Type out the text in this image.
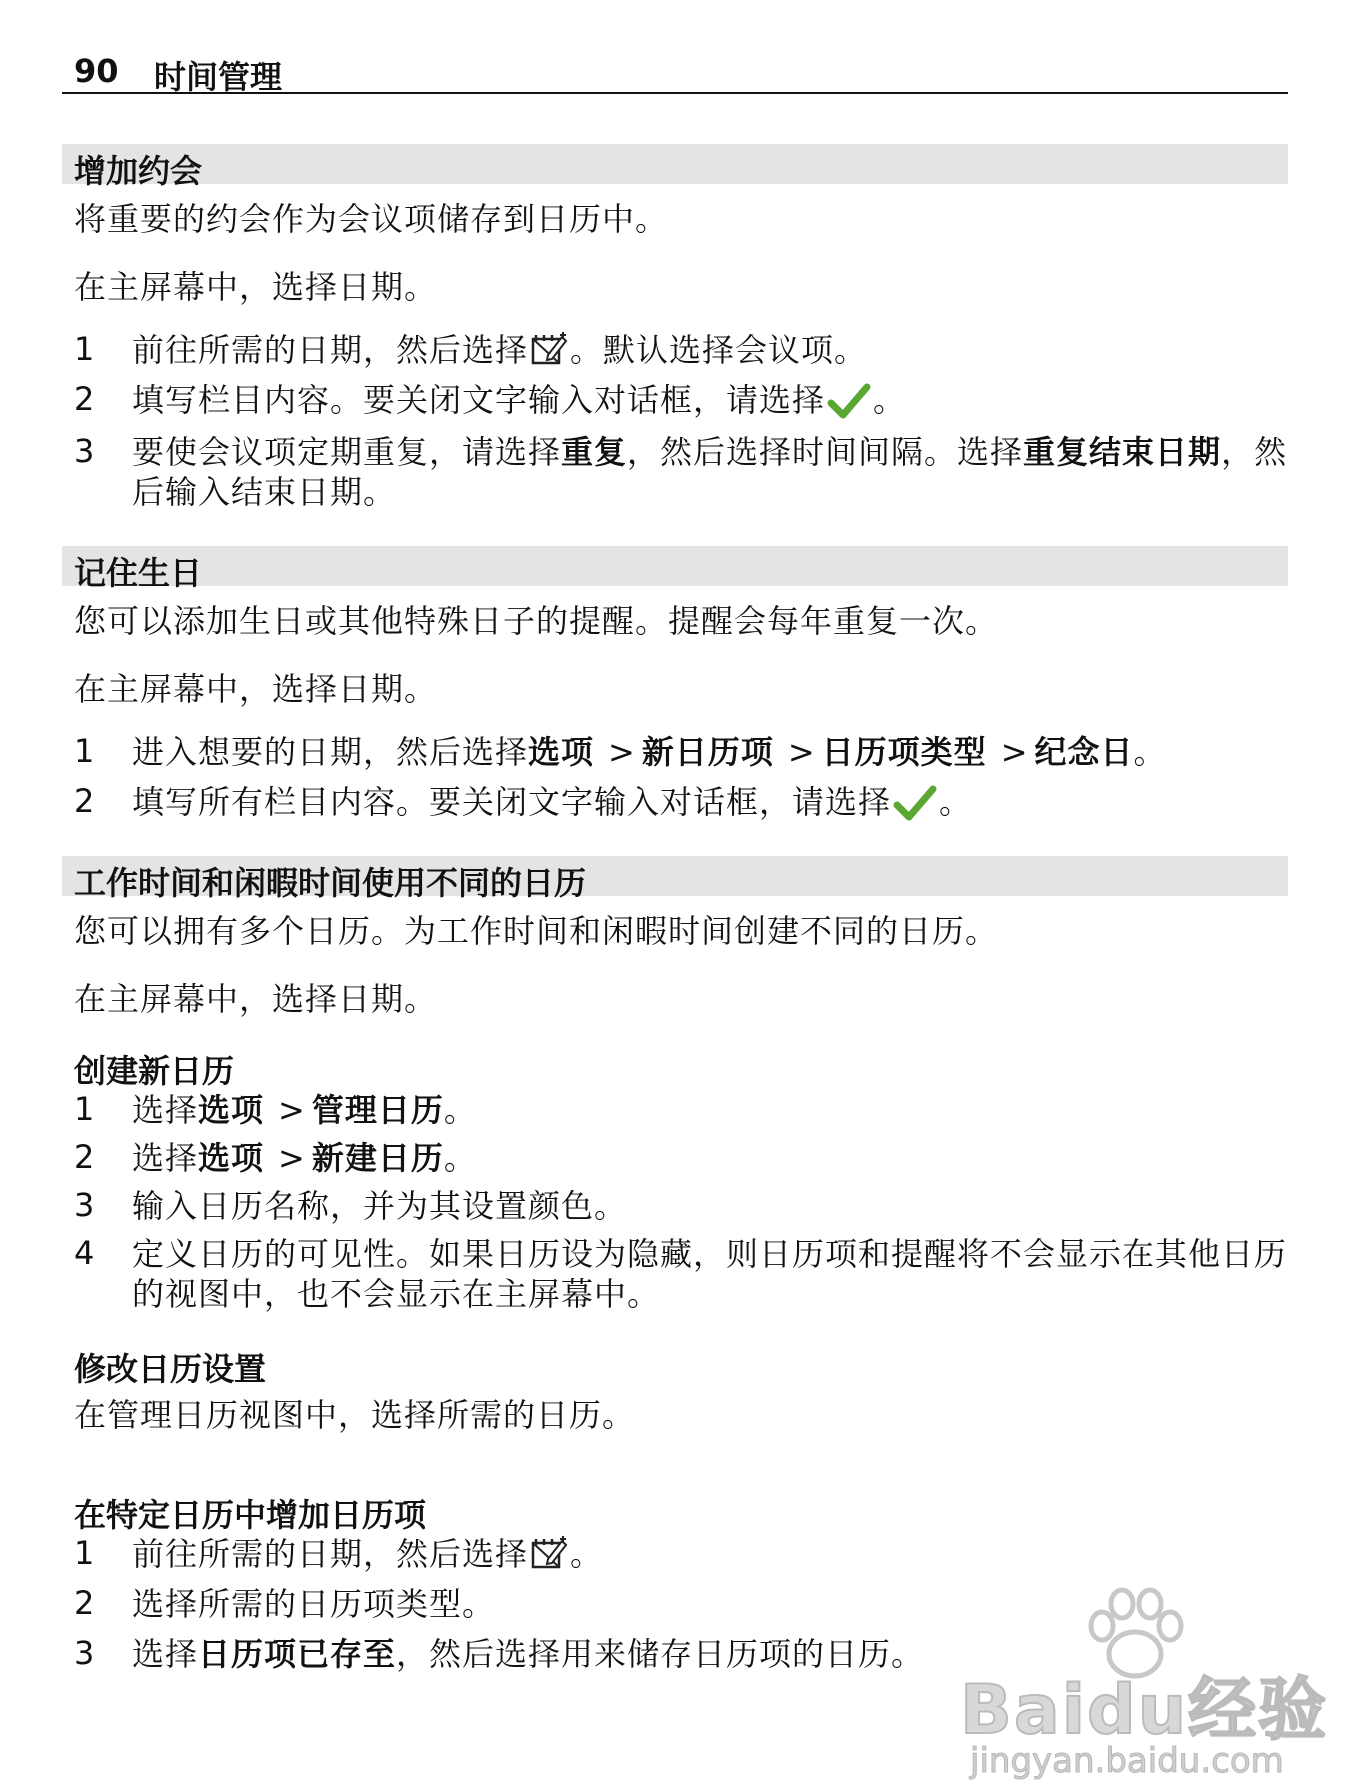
90 时间管理
增加约会
将重要的约会作为会议项储存到日历中。
在主屏幕中，选择日期。
1	前往所需的日期，然后选择 。默认选择会议项。
2	填写栏目内容。要关闭文字输入对话框，请选择 。
3	要使会议项定期重复，请选择重复，然后选择时间间隔。选择重复结束日期，然后输入结束日期。
记住生日
您可以添加生日或其他特殊日子的提醒。提醒会每年重复一次。
在主屏幕中，选择日期。
1	进入想要的日期，然后选择选项 > 新日历项 > 日历项类型 > 纪念日。
2	填写所有栏目内容。要关闭文字输入对话框，请选择 。
工作时间和闲暇时间使用不同的日历
您可以拥有多个日历。为工作时间和闲暇时间创建不同的日历。
在主屏幕中，选择日期。
创建新日历
1	选择选项 > 管理日历。
2	选择选项 > 新建日历。
3	输入日历名称，并为其设置颜色。
4	定义日历的可见性。如果日历设为隐藏，则日历项和提醒将不会显示在其他日历的视图中，也不会显示在主屏幕中。
修改日历设置
在管理日历视图中，选择所需的日历。
在特定日历中增加日历项
1	前往所需的日期，然后选择 。
2	选择所需的日历项类型。
3	选择日历项已存至，然后选择用来储存日历项的日历。
Baidu经验
jingyan.baidu.com
